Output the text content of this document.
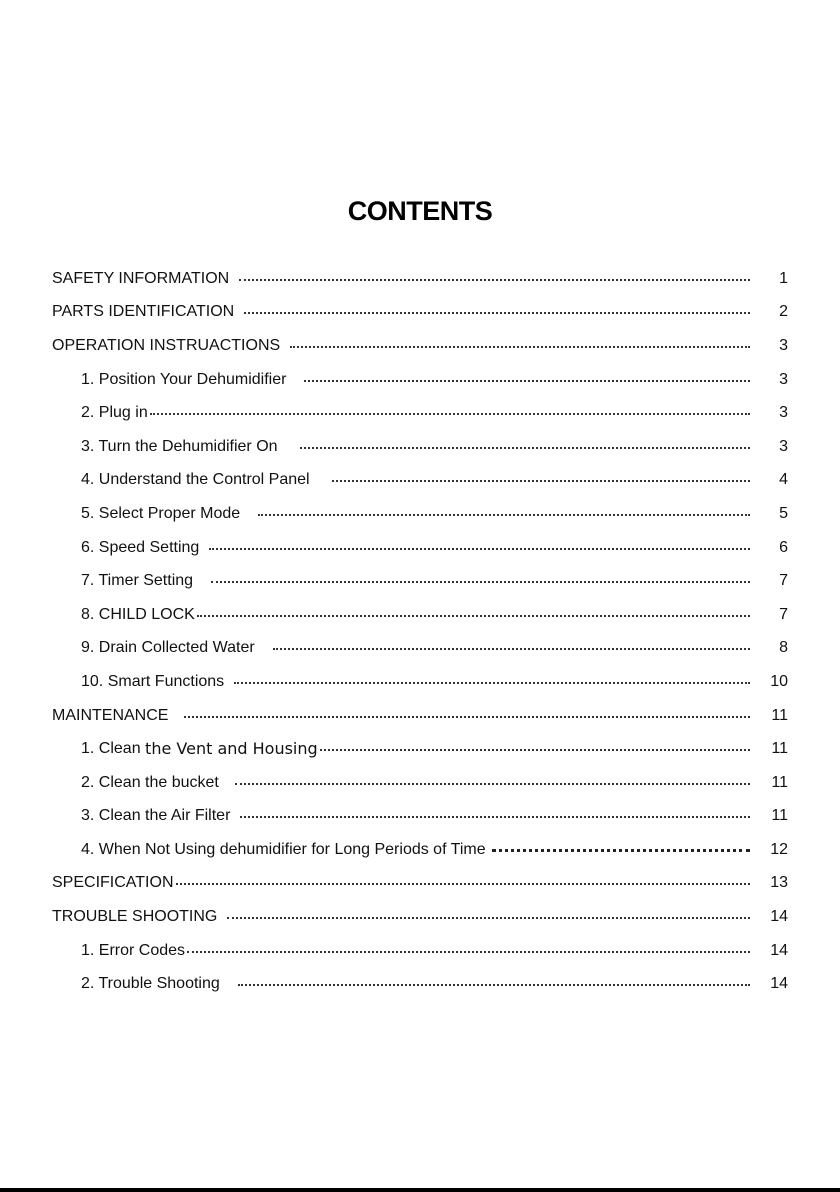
CONTENTS
SAFETY INFORMATION	1
PARTS IDENTIFICATION	2
OPERATION INSTRUACTIONS	3
1. Position Your Dehumidifier	3
2. Plug in	3
3. Turn the Dehumidifier On	3
4. Understand the Control Panel	4
5. Select Proper Mode	5
6. Speed Setting	6
7. Timer Setting	7
8. CHILD LOCK	7
9. Drain Collected Water	8
10. Smart Functions	10
MAINTENANCE	11
1. Clean the Vent and Housing	11
2. Clean the bucket	11
3. Clean the Air Filter	11
4. When Not Using dehumidifier for Long Periods of Time	12
SPECIFICATION	13
TROUBLE SHOOTING	14
1. Error Codes	14
2. Trouble Shooting	14
